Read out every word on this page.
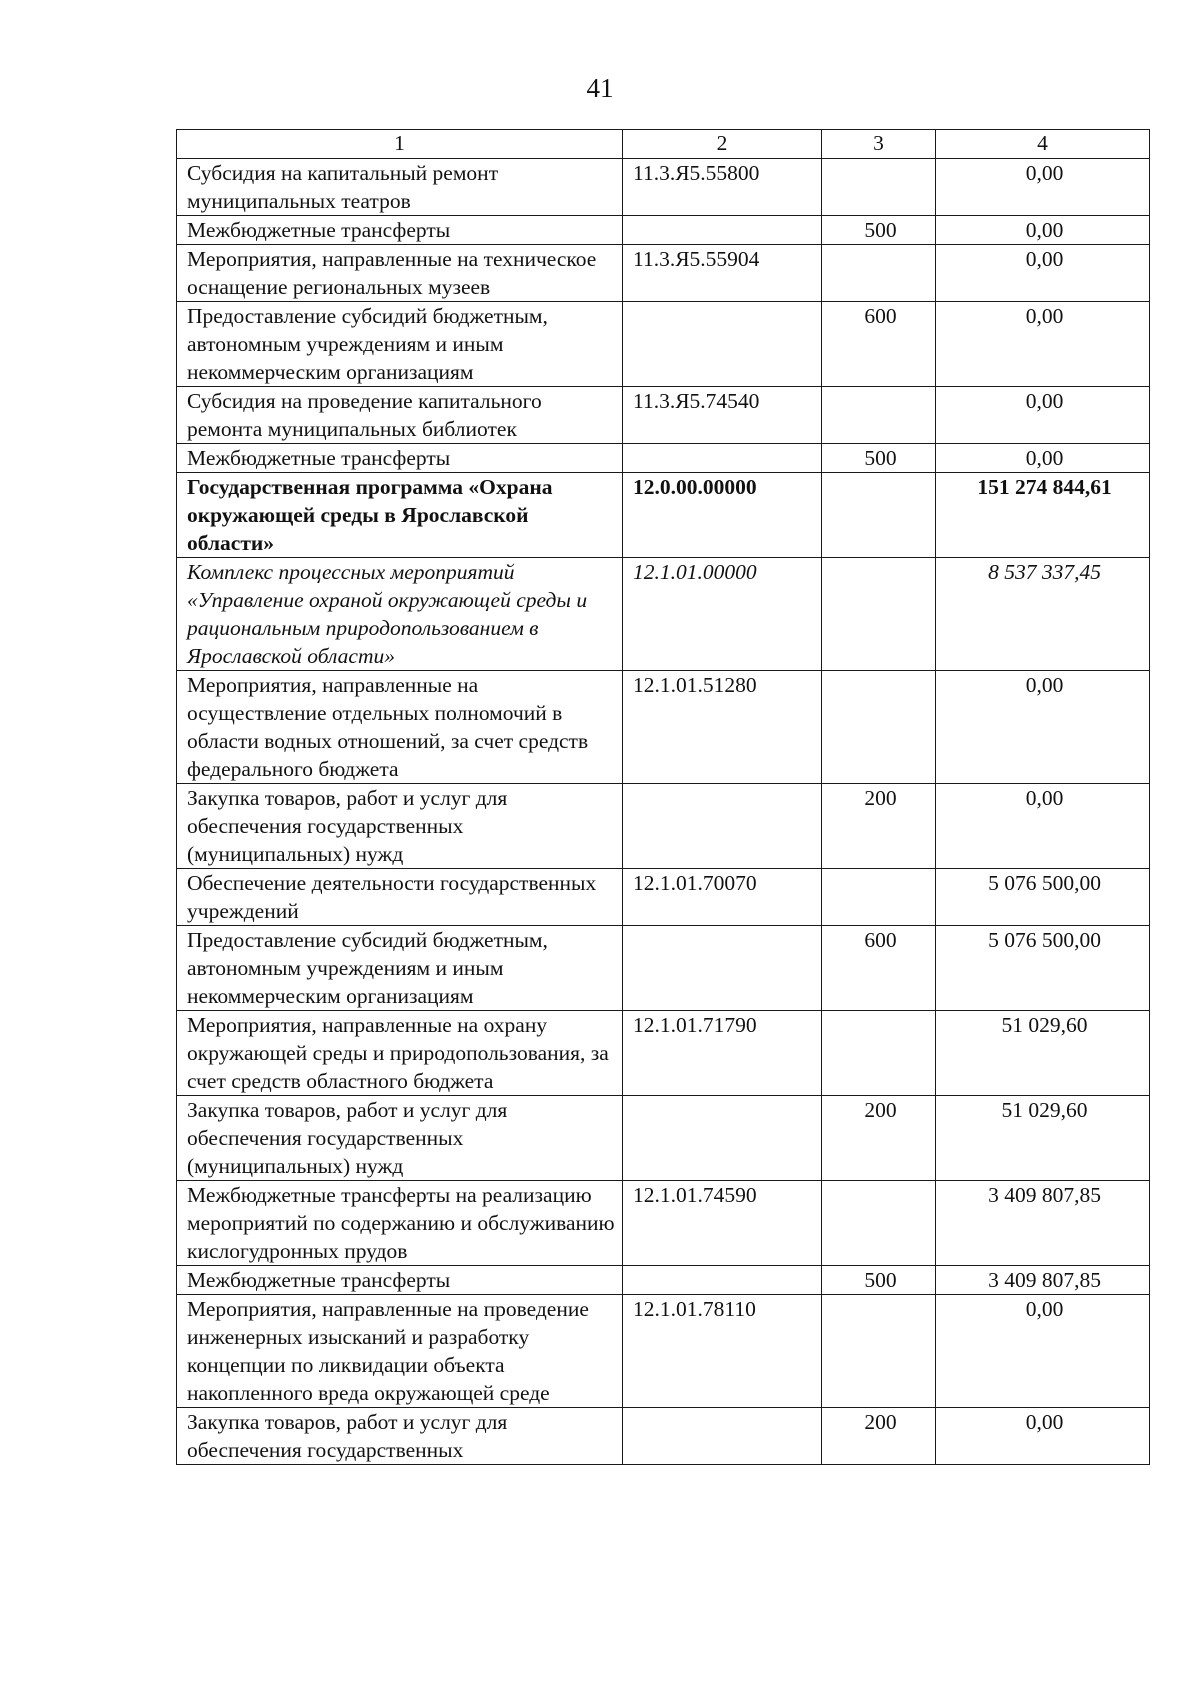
41
1	2	3	4
Субсидия на капитальный ремонт муниципальных театров	11.3.Я5.55800		0,00
Межбюджетные трансферты		500	0,00
Мероприятия, направленные на техническое оснащение региональных музеев	11.3.Я5.55904		0,00
Предоставление субсидий бюджетным, автономным учреждениям и иным некоммерческим организациям		600	0,00
Субсидия на проведение капитального ремонта муниципальных библиотек	11.3.Я5.74540		0,00
Межбюджетные трансферты		500	0,00
Государственная программа «Охрана окружающей среды в Ярославской области»	12.0.00.00000		151 274 844,61
Комплекс процессных мероприятий «Управление охраной окружающей среды и рациональным природопользованием в Ярославской области»	12.1.01.00000		8 537 337,45
Мероприятия, направленные на осуществление отдельных полномочий в области водных отношений, за счет средств федерального бюджета	12.1.01.51280		0,00
Закупка товаров, работ и услуг для обеспечения государственных (муниципальных) нужд		200	0,00
Обеспечение деятельности государственных учреждений	12.1.01.70070		5 076 500,00
Предоставление субсидий бюджетным, автономным учреждениям и иным некоммерческим организациям		600	5 076 500,00
Мероприятия, направленные на охрану окружающей среды и природопользования, за счет средств областного бюджета	12.1.01.71790		51 029,60
Закупка товаров, работ и услуг для обеспечения государственных (муниципальных) нужд		200	51 029,60
Межбюджетные трансферты на реализацию мероприятий по содержанию и обслуживанию кислогудронных прудов	12.1.01.74590		3 409 807,85
Межбюджетные трансферты		500	3 409 807,85
Мероприятия, направленные на проведение инженерных изысканий и разработку концепции по ликвидации объекта накопленного вреда окружающей среде	12.1.01.78110		0,00
Закупка товаров, работ и услуг для обеспечения государственных		200	0,00
